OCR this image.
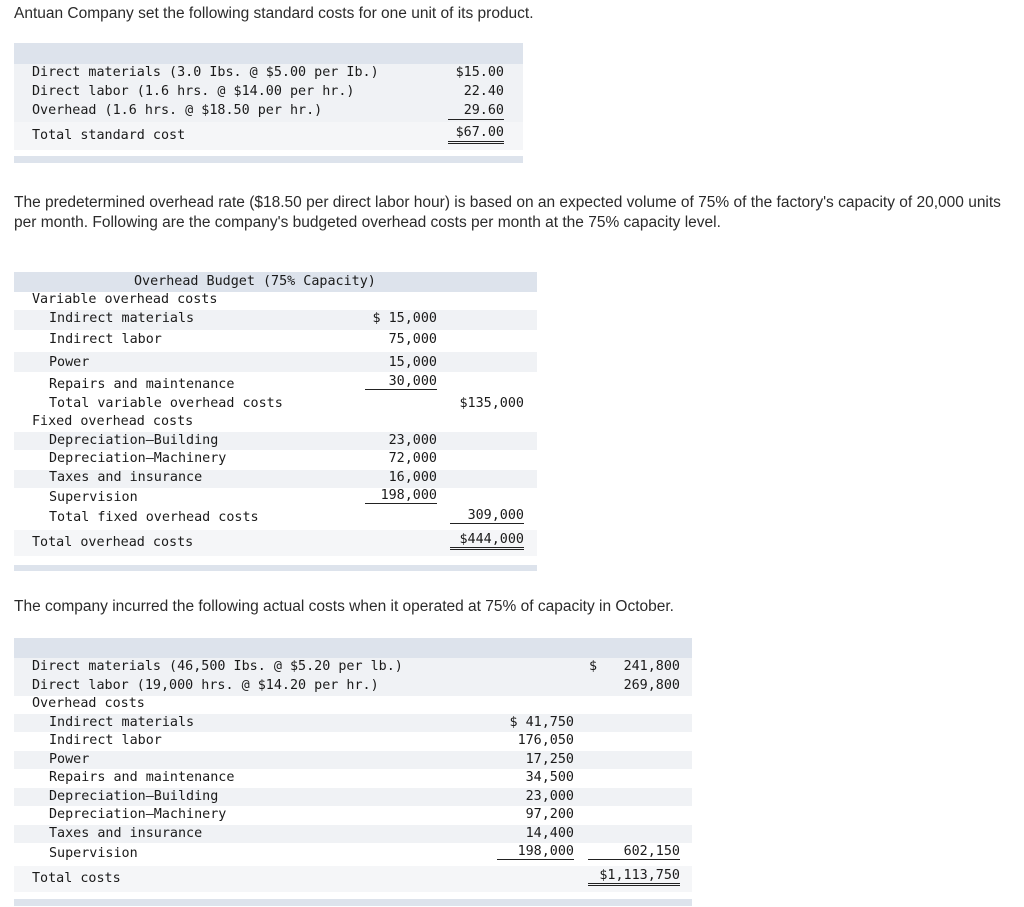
Antuan Company set the following standard costs for one unit of its product.
Direct materials (3.0 Ibs. @ $5.00 per Ib.)	$15.00
Direct labor (1.6 hrs. @ $14.00 per hr.)	22.40
Overhead (1.6 hrs. @ $18.50 per hr.)	29.60
Total standard cost	$67.00
The predetermined overhead rate ($18.50 per direct labor hour) is based on an expected volume of 75% of the factory's capacity of 20,000 units per month. Following are the company's budgeted overhead costs per month at the 75% capacity level.
Overhead Budget (75% Capacity)
Variable overhead costs
Indirect materials	$ 15,000
Indirect labor	75,000
Power	15,000
Repairs and maintenance	30,000
Total variable overhead costs	$135,000
Fixed overhead costs
Depreciation—Building	23,000
Depreciation—Machinery	72,000
Taxes and insurance	16,000
Supervision	198,000
Total fixed overhead costs	309,000
Total overhead costs	$444,000
The company incurred the following actual costs when it operated at 75% of capacity in October.
Direct materials (46,500 Ibs. @ $5.20 per lb.)	$	241,800
Direct labor (19,000 hrs. @ $14.20 per hr.)	269,800
Overhead costs
Indirect materials	$ 41,750
Indirect labor	176,050
Power	17,250
Repairs and maintenance	34,500
Depreciation—Building	23,000
Depreciation—Machinery	97,200
Taxes and insurance	14,400
Supervision	198,000	602,150
Total costs	$1,113,750
